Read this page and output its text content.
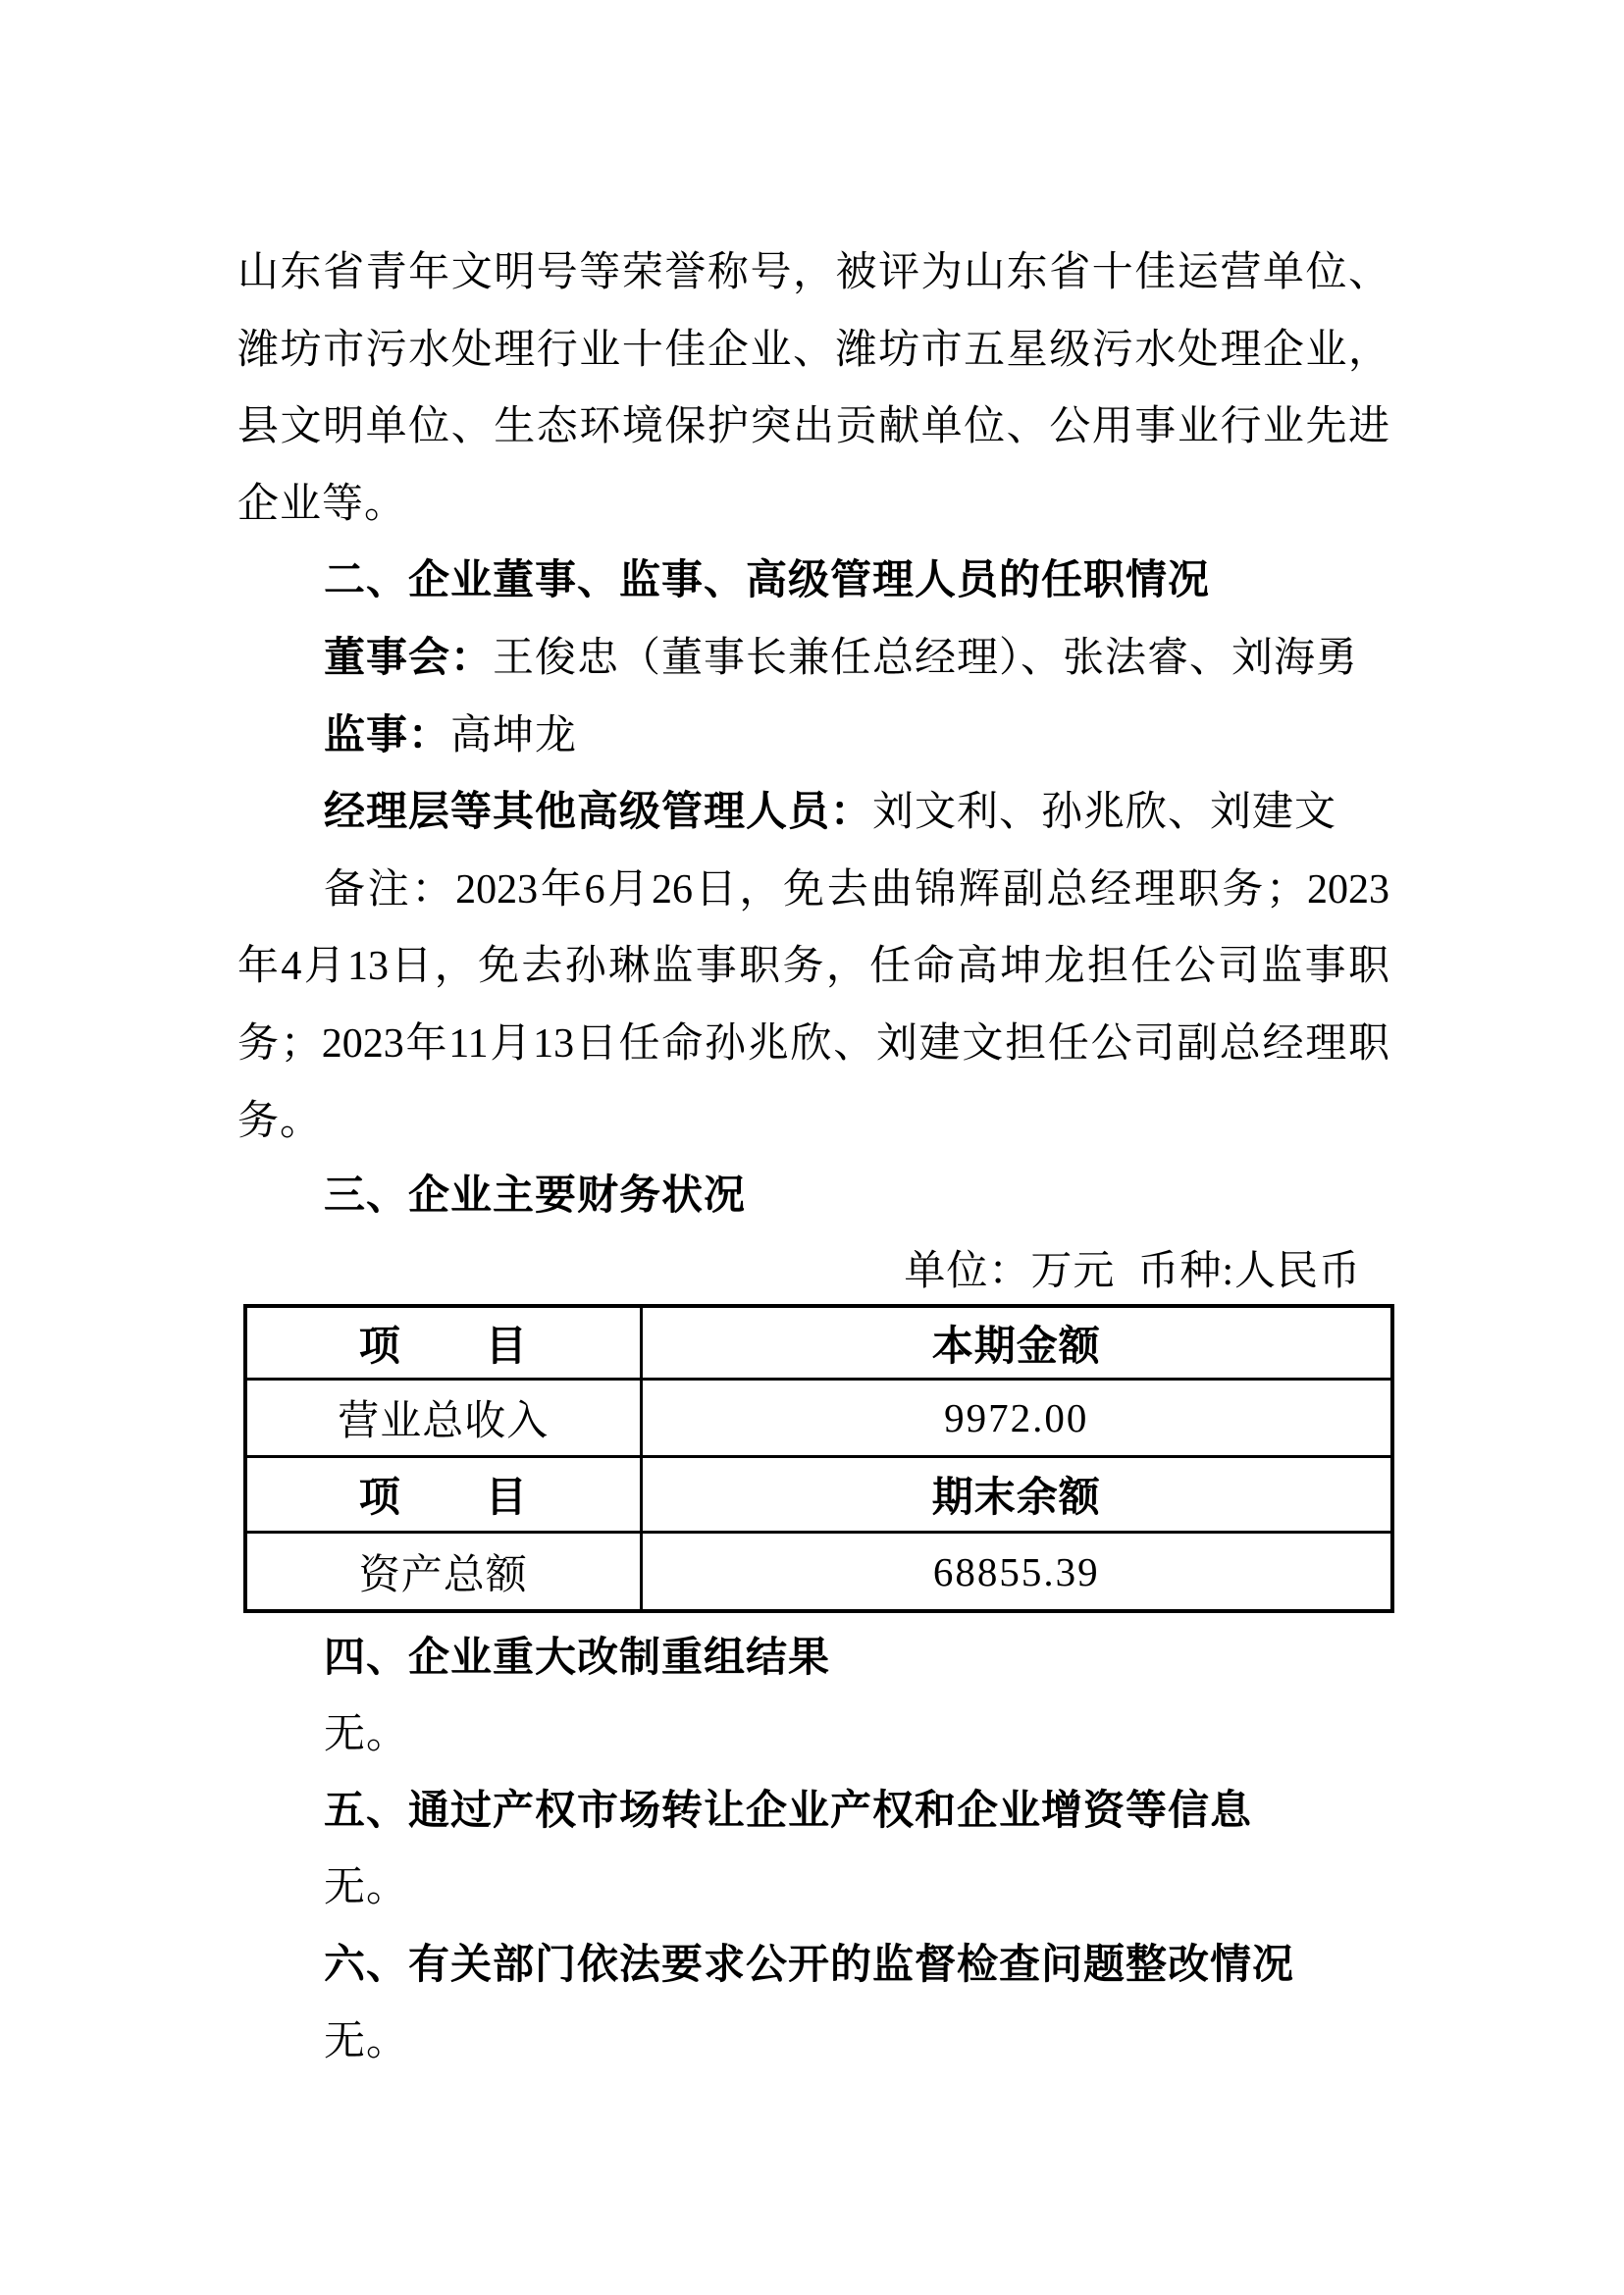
山东省青年文明号等荣誉称号，被评为山东省十佳运营单位、
潍坊市污水处理行业十佳企业、潍坊市五星级污水处理企业，
县文明单位、生态环境保护突出贡献单位、公用事业行业先进
企业等。
二、企业董事、监事、高级管理人员的任职情况
董事会：王俊忠（董事长兼任总经理）、张法睿、刘海勇
监事：高坤龙
经理层等其他高级管理人员：刘文利、孙兆欣、刘建文
备注：2023年6月26日，免去曲锦辉副总经理职务；2023
年4月13日，免去孙琳监事职务，任命高坤龙担任公司监事职
务；2023年11月13日任命孙兆欣、刘建文担任公司副总经理职
务。
三、企业主要财务状况
单位：万元  币种:人民币
项　　目	本期金额
营业总收入	9972.00
项　　目	期末余额
资产总额	68855.39
四、企业重大改制重组结果
无。
五、通过产权市场转让企业产权和企业增资等信息
无。
六、有关部门依法要求公开的监督检查问题整改情况
无。
